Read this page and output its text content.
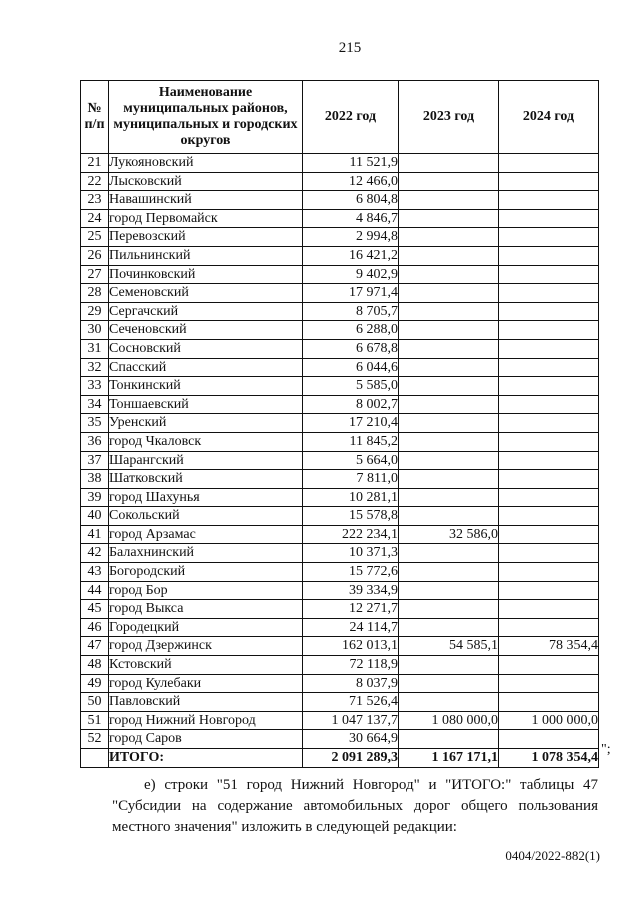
215
№ п/п	Наименование муниципальных районов, муниципальных и городских округов	2022 год	2023 год	2024 год
21	Лукояновский	11 521,9		
22	Лысковский	12 466,0		
23	Навашинский	6 804,8		
24	город Первомайск	4 846,7		
25	Перевозский	2 994,8		
26	Пильнинский	16 421,2		
27	Починковский	9 402,9		
28	Семеновский	17 971,4		
29	Сергачский	8 705,7		
30	Сеченовский	6 288,0		
31	Сосновский	6 678,8		
32	Спасский	6 044,6		
33	Тонкинский	5 585,0		
34	Тоншаевский	8 002,7		
35	Уренский	17 210,4		
36	город Чкаловск	11 845,2		
37	Шарангский	5 664,0		
38	Шатковский	7 811,0		
39	город Шахунья	10 281,1		
40	Сокольский	15 578,8		
41	город Арзамас	222 234,1	32 586,0	
42	Балахнинский	10 371,3		
43	Богородский	15 772,6		
44	город Бор	39 334,9		
45	город Выкса	12 271,7		
46	Городецкий	24 114,7		
47	город Дзержинск	162 013,1	54 585,1	78 354,4
48	Кстовский	72 118,9		
49	город Кулебаки	8 037,9		
50	Павловский	71 526,4		
51	город Нижний Новгород	1 047 137,7	1 080 000,0	1 000 000,0
52	город Саров	30 664,9		
	ИТОГО:	2 091 289,3	1 167 171,1	1 078 354,4
";

е) строки "51 город Нижний Новгород" и "ИТОГО:" таблицы 47 "Субсидии на содержание автомобильных дорог общего пользования местного значения" изложить в следующей редакции:

0404/2022-882(1)
